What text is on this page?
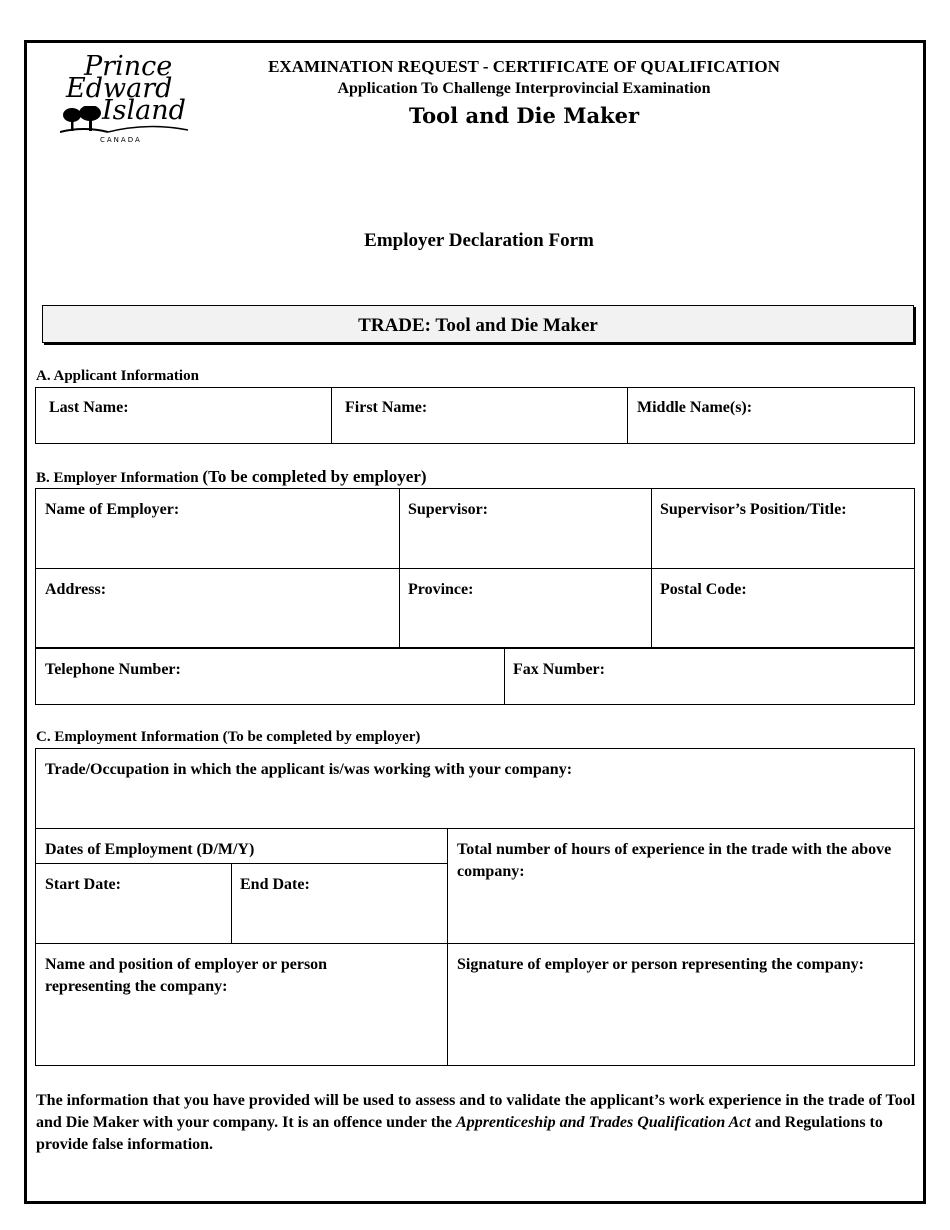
Prince
Edward
Island
CANADA
EXAMINATION REQUEST - CERTIFICATE OF QUALIFICATION
Application To Challenge Interprovincial Examination
Tool and Die Maker
Employer Declaration Form
TRADE: Tool and Die Maker
A. Applicant Information
Last Name:	First Name:	Middle Name(s):
B. Employer Information (To be completed by employer)
Name of Employer:	Supervisor:	Supervisor’s Position/Title:
Address:	Province:	Postal Code:
Telephone Number:	Fax Number:
C. Employment Information (To be completed by employer)
Trade/Occupation in which the applicant is/was working with your company:
Dates of Employment (D/M/Y)
Start Date:	End Date:
Total number of hours of experience in the trade with the above company:
Name and position of employer or person representing the company:
Signature of employer or person representing the company:
The information that you have provided will be used to assess and to validate the applicant’s work experience in the trade of Tool and Die Maker with your company. It is an offence under the Apprenticeship and Trades Qualification Act and Regulations to provide false information.
